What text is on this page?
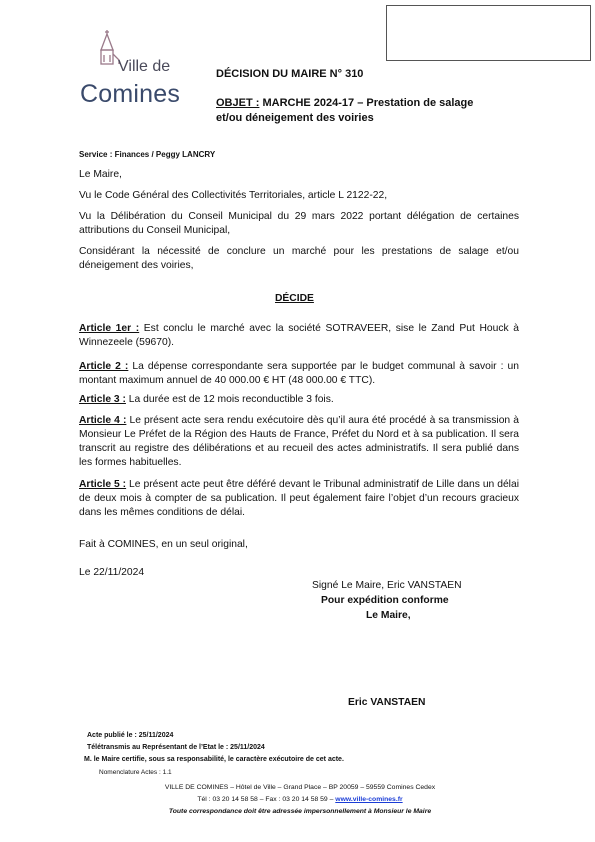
Ville de
Comines
DÉCISION DU MAIRE N° 310
OBJET : MARCHE 2024-17 – Prestation de salage
et/ou déneigement des voiries
Service : Finances / Peggy LANCRY
Le Maire,
Vu le Code Général des Collectivités Territoriales, article L 2122-22,
Vu la Délibération du Conseil Municipal du 29 mars 2022 portant délégation de certaines attributions du Conseil Municipal,
Considérant la nécessité de conclure un marché pour les prestations de salage et/ou déneigement des voiries,
DÉCIDE
Article 1er : Est conclu le marché avec la société SOTRAVEER, sise le Zand Put Houck à Winnezeele (59670).
Article 2 : La dépense correspondante sera supportée par le budget communal à savoir : un montant maximum annuel de 40 000.00 € HT (48 000.00 € TTC).
Article 3 : La durée est de 12 mois reconductible 3 fois.
Article 4 : Le présent acte sera rendu exécutoire dès qu’il aura été procédé à sa transmission à Monsieur Le Préfet de la Région des Hauts de France, Préfet du Nord et à sa publication. Il sera transcrit au registre des délibérations et au recueil des actes administratifs. Il sera publié dans les formes habituelles.
Article 5 : Le présent acte peut être déféré devant le Tribunal administratif de Lille dans un délai de deux mois à compter de sa publication. Il peut également faire l’objet d’un recours gracieux dans les mêmes conditions de délai.
Fait à COMINES, en un seul original,
Le 22/11/2024
Signé Le Maire, Eric VANSTAEN
Pour expédition conforme
Le Maire,
Eric VANSTAEN
Acte publié le : 25/11/2024
Télétransmis au Représentant de l’Etat le : 25/11/2024
M. le Maire certifie, sous sa responsabilité, le caractère exécutoire de cet acte.
Nomenclature Actes : 1.1
VILLE DE COMINES – Hôtel de Ville – Grand Place – BP 20059 – 59559 Comines Cedex
Tél : 03 20 14 58 58 – Fax : 03 20 14 58 59 – www.ville-comines.fr
Toute correspondance doit être adressée impersonnellement à Monsieur le Maire
